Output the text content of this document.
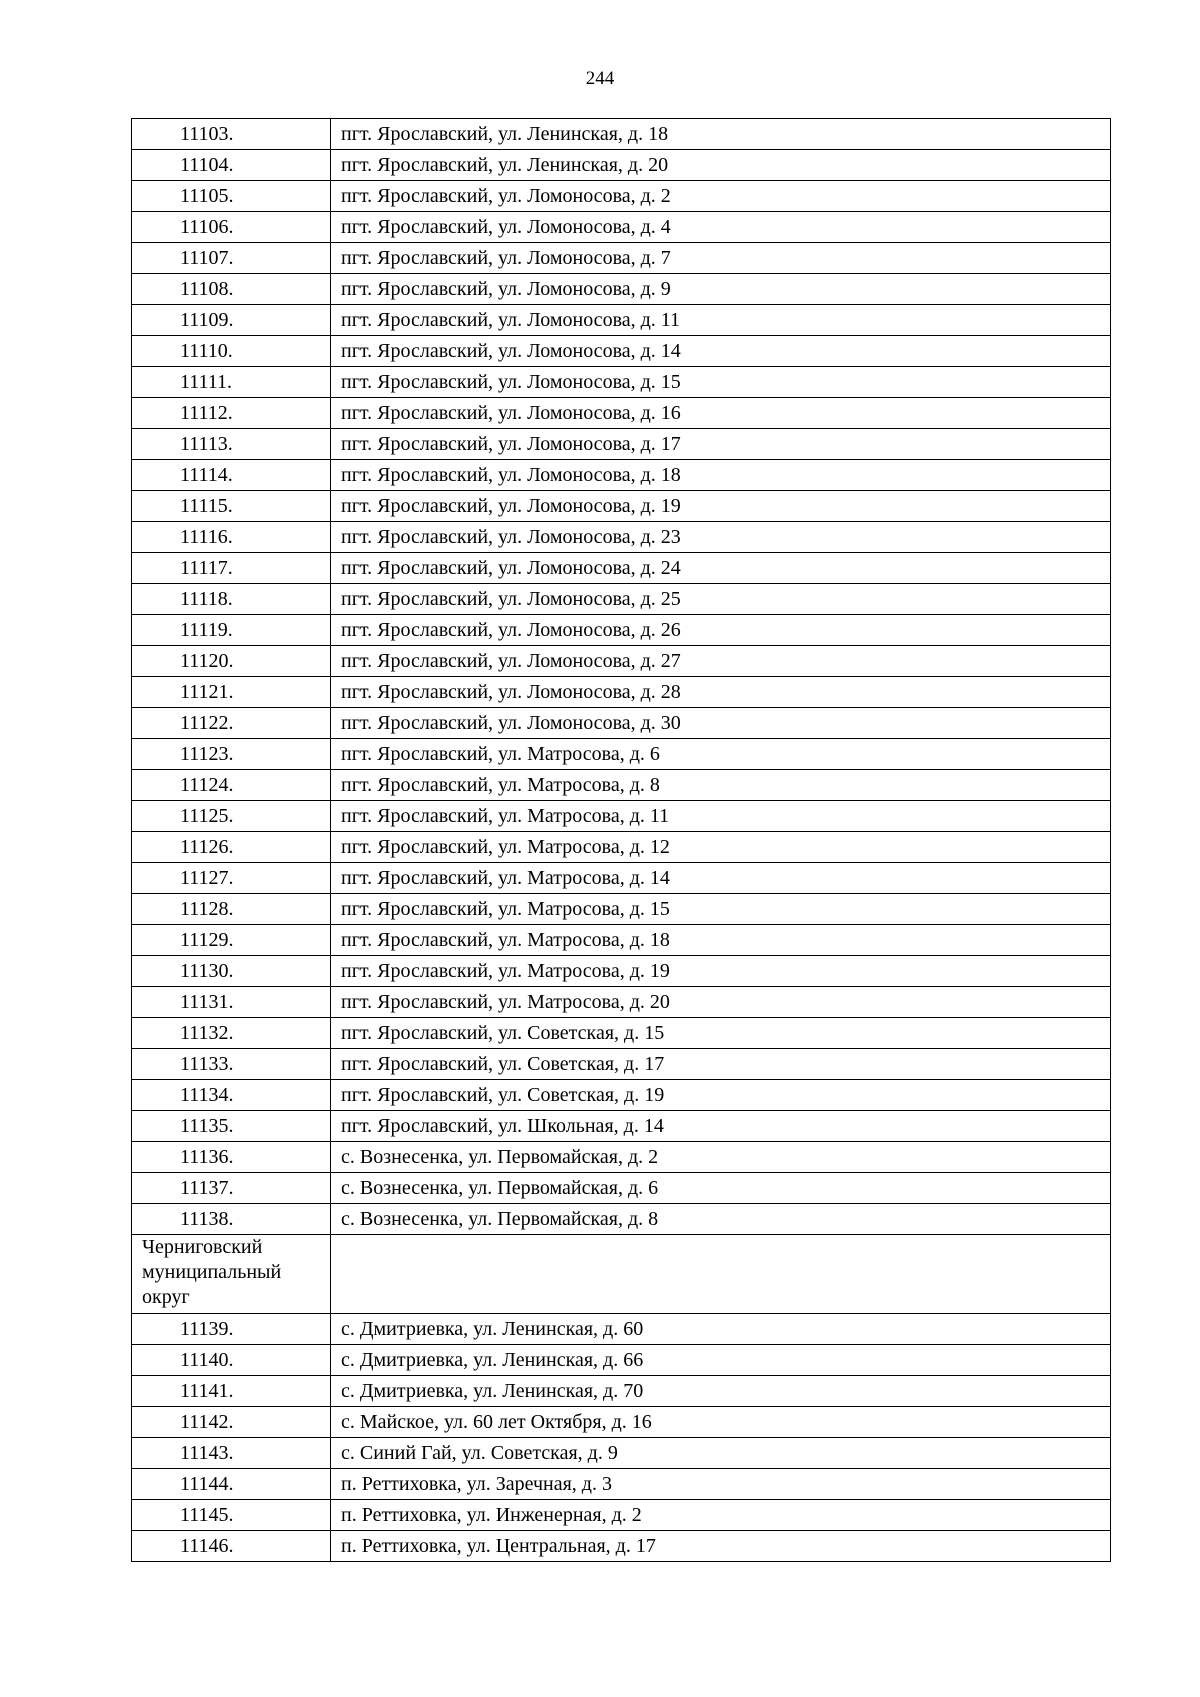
244
11103.	пгт. Ярославский, ул. Ленинская, д. 18
11104.	пгт. Ярославский, ул. Ленинская, д. 20
11105.	пгт. Ярославский, ул. Ломоносова, д. 2
11106.	пгт. Ярославский, ул. Ломоносова, д. 4
11107.	пгт. Ярославский, ул. Ломоносова, д. 7
11108.	пгт. Ярославский, ул. Ломоносова, д. 9
11109.	пгт. Ярославский, ул. Ломоносова, д. 11
11110.	пгт. Ярославский, ул. Ломоносова, д. 14
11111.	пгт. Ярославский, ул. Ломоносова, д. 15
11112.	пгт. Ярославский, ул. Ломоносова, д. 16
11113.	пгт. Ярославский, ул. Ломоносова, д. 17
11114.	пгт. Ярославский, ул. Ломоносова, д. 18
11115.	пгт. Ярославский, ул. Ломоносова, д. 19
11116.	пгт. Ярославский, ул. Ломоносова, д. 23
11117.	пгт. Ярославский, ул. Ломоносова, д. 24
11118.	пгт. Ярославский, ул. Ломоносова, д. 25
11119.	пгт. Ярославский, ул. Ломоносова, д. 26
11120.	пгт. Ярославский, ул. Ломоносова, д. 27
11121.	пгт. Ярославский, ул. Ломоносова, д. 28
11122.	пгт. Ярославский, ул. Ломоносова, д. 30
11123.	пгт. Ярославский, ул. Матросова, д. 6
11124.	пгт. Ярославский, ул. Матросова, д. 8
11125.	пгт. Ярославский, ул. Матросова, д. 11
11126.	пгт. Ярославский, ул. Матросова, д. 12
11127.	пгт. Ярославский, ул. Матросова, д. 14
11128.	пгт. Ярославский, ул. Матросова, д. 15
11129.	пгт. Ярославский, ул. Матросова, д. 18
11130.	пгт. Ярославский, ул. Матросова, д. 19
11131.	пгт. Ярославский, ул. Матросова, д. 20
11132.	пгт. Ярославский, ул. Советская, д. 15
11133.	пгт. Ярославский, ул. Советская, д. 17
11134.	пгт. Ярославский, ул. Советская, д. 19
11135.	пгт. Ярославский, ул. Школьная, д. 14
11136.	с. Вознесенка, ул. Первомайская, д. 2
11137.	с. Вознесенка, ул. Первомайская, д. 6
11138.	с. Вознесенка, ул. Первомайская, д. 8
Черниговский муниципальный округ	
11139.	с. Дмитриевка, ул. Ленинская, д. 60
11140.	с. Дмитриевка, ул. Ленинская, д. 66
11141.	с. Дмитриевка, ул. Ленинская, д. 70
11142.	с. Майское, ул. 60 лет Октября, д. 16
11143.	с. Синий Гай, ул. Советская, д. 9
11144.	п. Реттиховка, ул. Заречная, д. 3
11145.	п. Реттиховка, ул. Инженерная, д. 2
11146.	п. Реттиховка, ул. Центральная, д. 17
